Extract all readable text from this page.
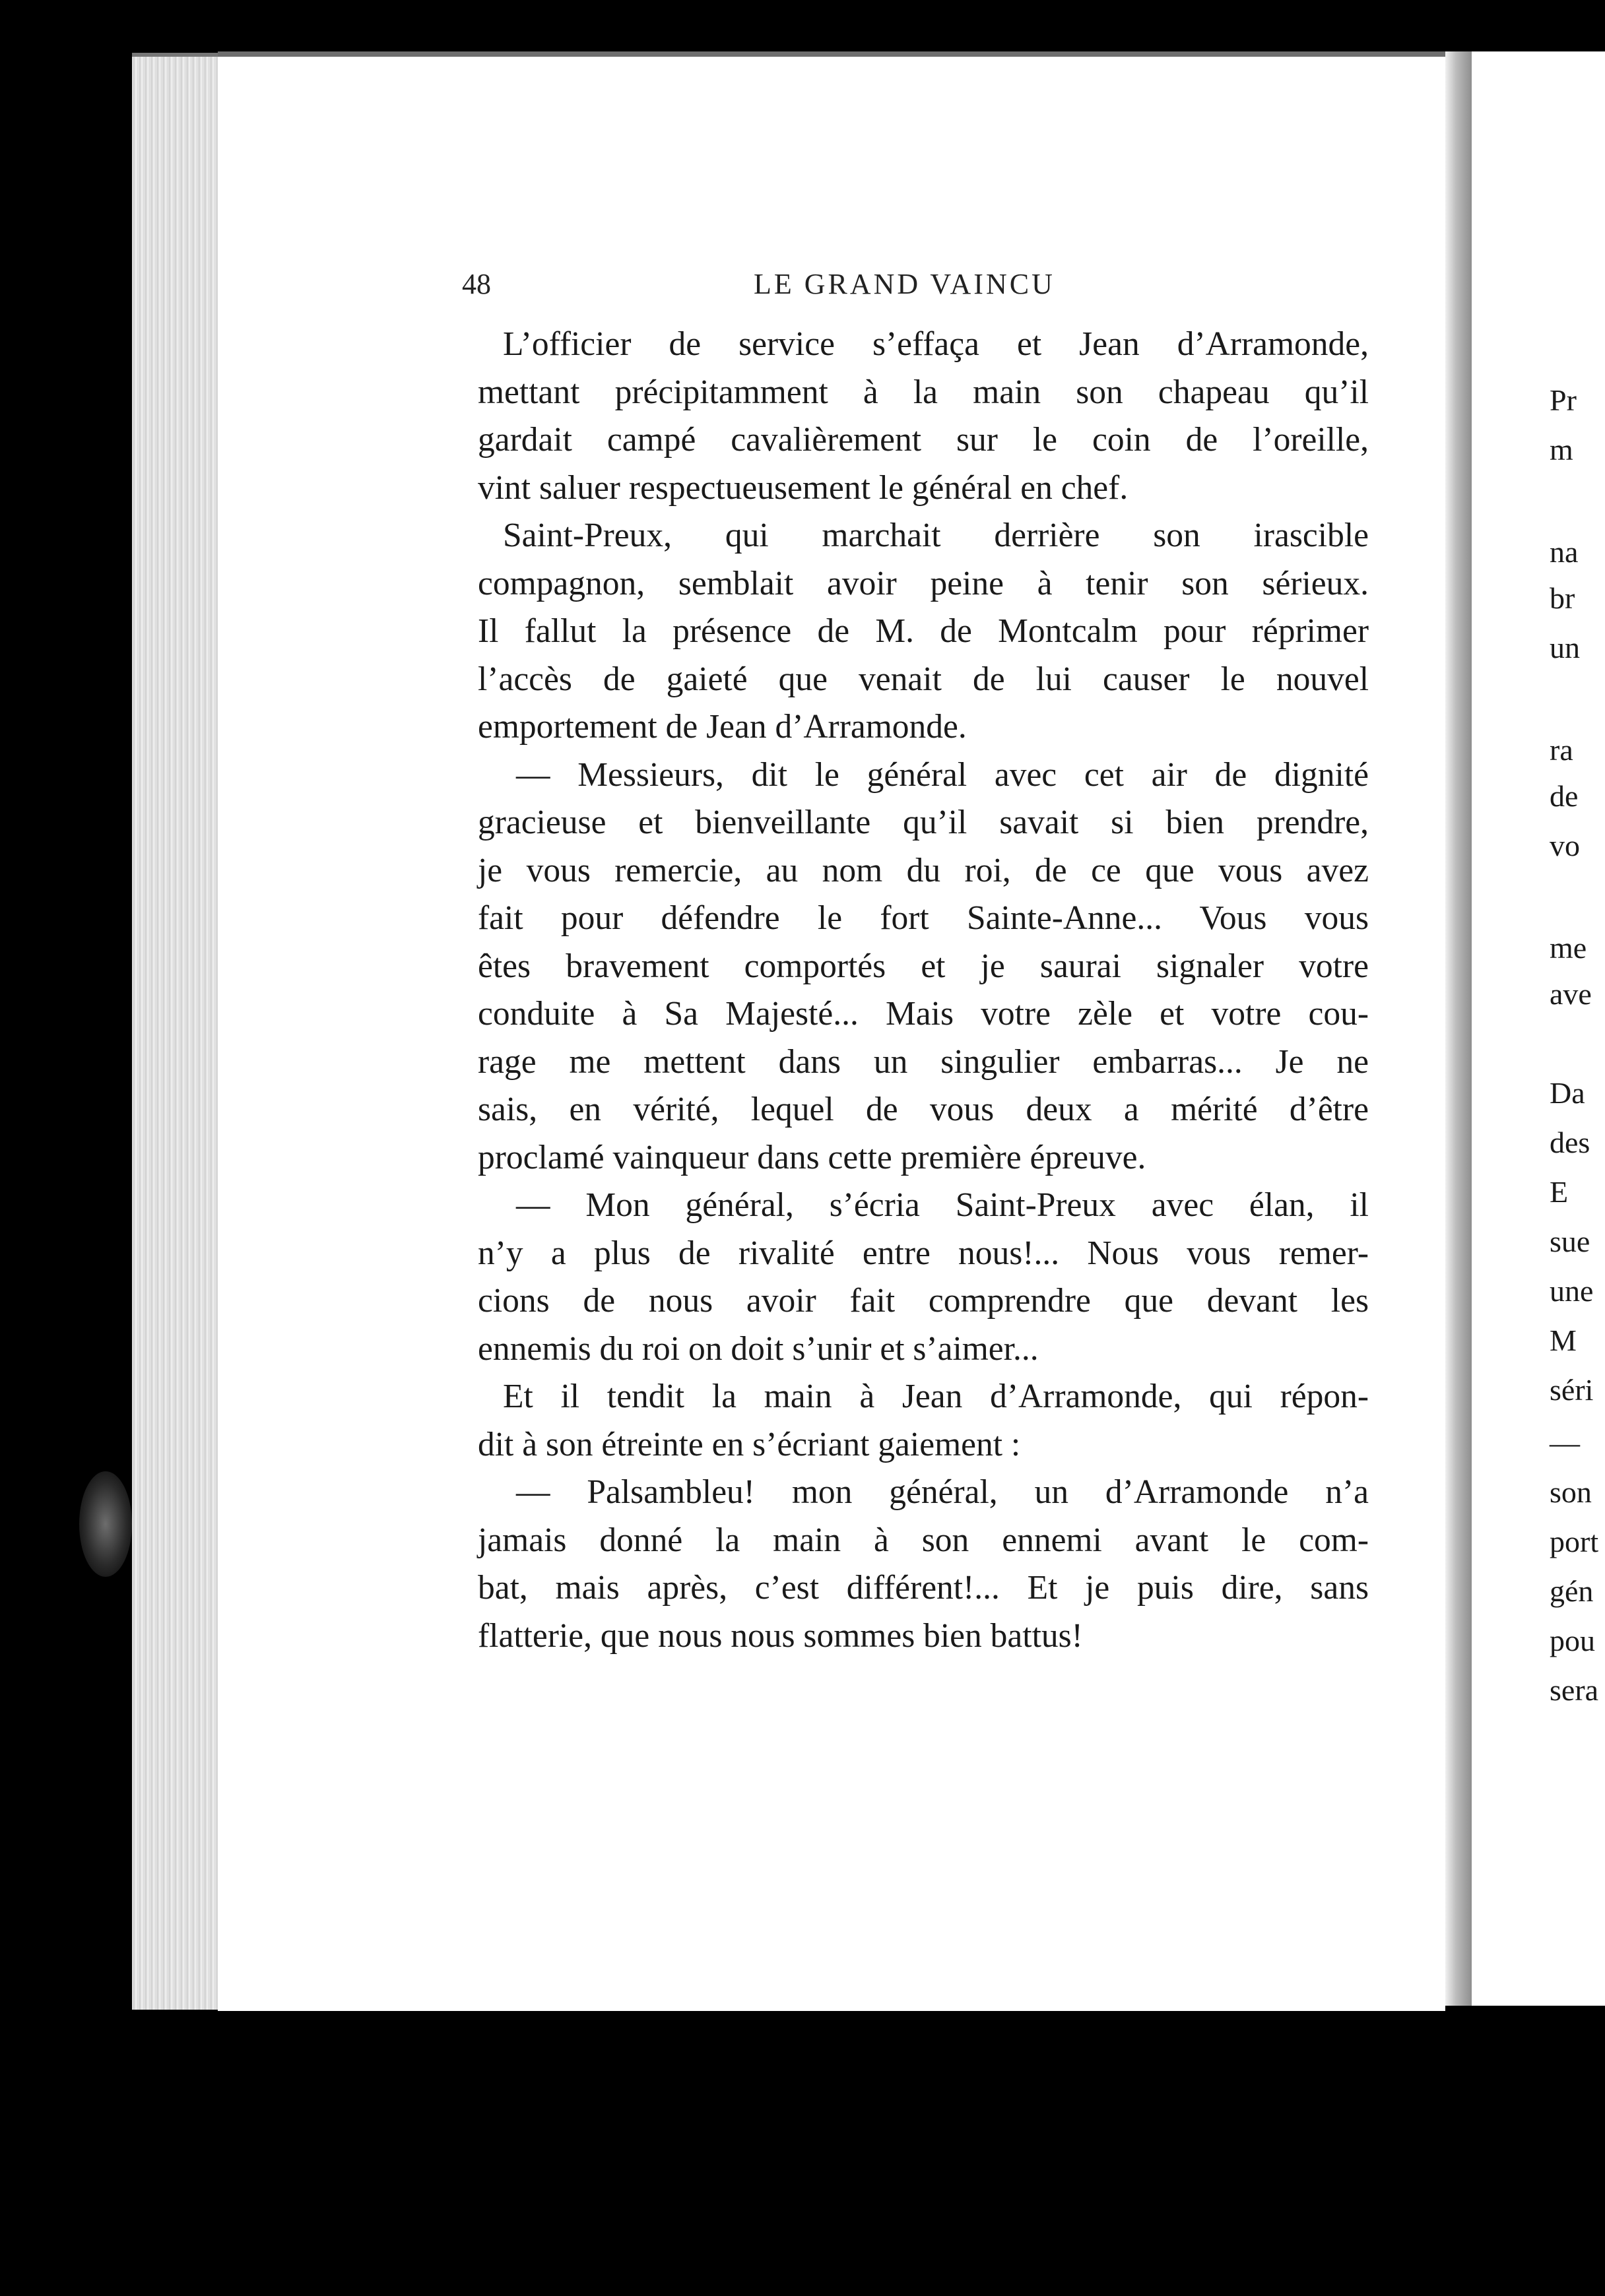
48	LE GRAND VAINCU
L’officier de service s’effaça et Jean d’Arramonde,
mettant précipitamment à la main son chapeau qu’il
gardait campé cavalièrement sur le coin de l’oreille,
vint saluer respectueusement le général en chef.
Saint-Preux, qui marchait derrière son irascible
compagnon, semblait avoir peine à tenir son sérieux.
Il fallut la présence de M. de Montcalm pour réprimer
l’accès de gaieté que venait de lui causer le nouvel
emportement de Jean d’Arramonde.
— Messieurs, dit le général avec cet air de dignité
gracieuse et bienveillante qu’il savait si bien prendre,
je vous remercie, au nom du roi, de ce que vous avez
fait pour défendre le fort Sainte-Anne... Vous vous
êtes bravement comportés et je saurai signaler votre
conduite à Sa Majesté... Mais votre zèle et votre cou-
rage me mettent dans un singulier embarras... Je ne
sais, en vérité, lequel de vous deux a mérité d’être
proclamé vainqueur dans cette première épreuve.
— Mon général, s’écria Saint-Preux avec élan, il
n’y a plus de rivalité entre nous!... Nous vous remer-
cions de nous avoir fait comprendre que devant les
ennemis du roi on doit s’unir et s’aimer...
Et il tendit la main à Jean d’Arramonde, qui répon-
dit à son étreinte en s’écriant gaiement :
— Palsambleu! mon général, un d’Arramonde n’a
jamais donné la main à son ennemi avant le com-
bat, mais après, c’est différent!... Et je puis dire, sans
flatterie, que nous nous sommes bien battus!
Pr
m
na
br
un
ra
de
vo
me
ave
Da
des
E
sue
une
M
séri
—
son
port
gén
pou
sera
